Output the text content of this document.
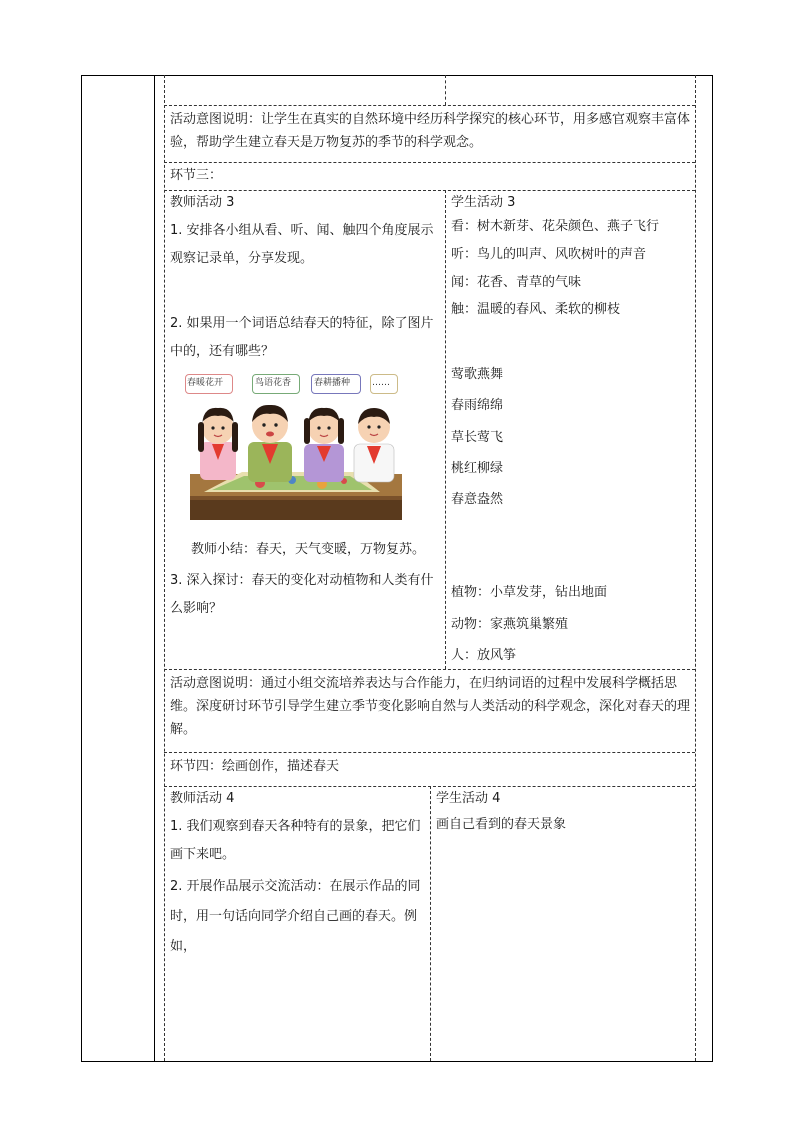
活动意图说明：让学生在真实的自然环境中经历科学探究的核心环节，用多感官观察丰富体验，帮助学生建立春天是万物复苏的季节的科学观念。
环节三：
教师活动 3	学生活动 3
1. 安排各小组从看、听、闻、触四个角度展示观察记录单，分享发现。
2. 如果用一个词语总结春天的特征，除了图片中的，还有哪些？
春暖花开	鸟语花香	春耕播种 ……
教师小结：春天，天气变暖，万物复苏。
3. 深入探讨：春天的变化对动植物和人类有什么影响？
看：树木新芽、花朵颜色、燕子飞行
听：鸟儿的叫声、风吹树叶的声音
闻：花香、青草的气味
触：温暖的春风、柔软的柳枝
莺歌燕舞
春雨绵绵
草长莺飞
桃红柳绿
春意盎然
植物：小草发芽，钻出地面
动物：家燕筑巢繁殖
人：放风筝
活动意图说明：通过小组交流培养表达与合作能力，在归纳词语的过程中发展科学概括思维。深度研讨环节引导学生建立季节变化影响自然与人类活动的科学观念，深化对春天的理解。
环节四：绘画创作，描述春天
教师活动 4	学生活动 4
1. 我们观察到春天各种特有的景象，把它们画下来吧。
2. 开展作品展示交流活动：在展示作品的同时，用一句话向同学介绍自己画的春天。例如，
画自己看到的春天景象
